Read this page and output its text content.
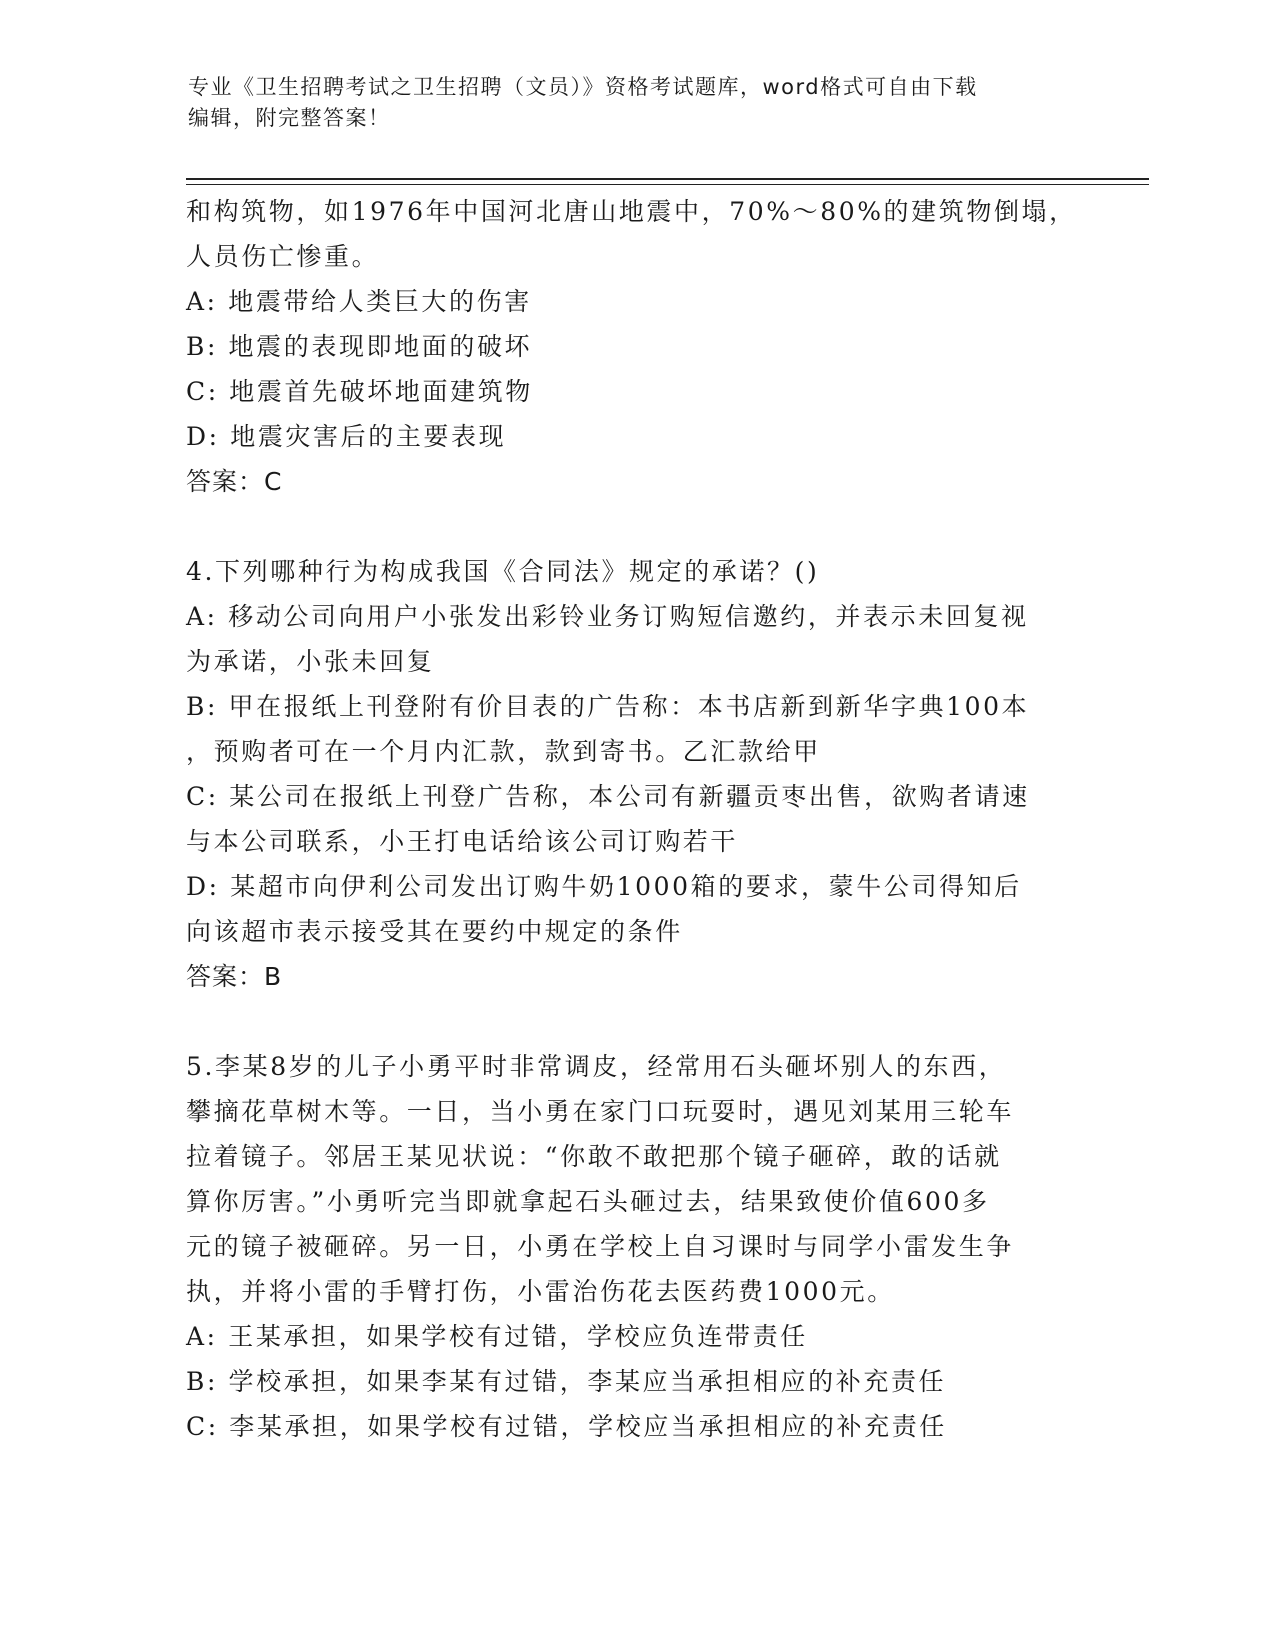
专业《卫生招聘考试之卫生招聘（文员）》资格考试题库，word格式可自由下载
编辑，附完整答案！
和构筑物，如1976年中国河北唐山地震中，70%～80%的建筑物倒塌，
人员伤亡惨重。
A: 地震带给人类巨大的伤害
B: 地震的表现即地面的破坏
C: 地震首先破坏地面建筑物
D: 地震灾害后的主要表现
答案：C
4.下列哪种行为构成我国《合同法》规定的承诺？()
A: 移动公司向用户小张发出彩铃业务订购短信邀约，并表示未回复视
为承诺，小张未回复
B: 甲在报纸上刊登附有价目表的广告称：本书店新到新华字典100本
，预购者可在一个月内汇款，款到寄书。乙汇款给甲
C: 某公司在报纸上刊登广告称，本公司有新疆贡枣出售，欲购者请速
与本公司联系，小王打电话给该公司订购若干
D: 某超市向伊利公司发出订购牛奶1000箱的要求，蒙牛公司得知后
向该超市表示接受其在要约中规定的条件
答案：B
5.李某8岁的儿子小勇平时非常调皮，经常用石头砸坏别人的东西，
攀摘花草树木等。一日，当小勇在家门口玩耍时，遇见刘某用三轮车
拉着镜子。邻居王某见状说：“你敢不敢把那个镜子砸碎，敢的话就
算你厉害。”小勇听完当即就拿起石头砸过去，结果致使价值600多
元的镜子被砸碎。另一日，小勇在学校上自习课时与同学小雷发生争
执，并将小雷的手臂打伤，小雷治伤花去医药费1000元。
A: 王某承担，如果学校有过错，学校应负连带责任
B: 学校承担，如果李某有过错，李某应当承担相应的补充责任
C: 李某承担，如果学校有过错，学校应当承担相应的补充责任
